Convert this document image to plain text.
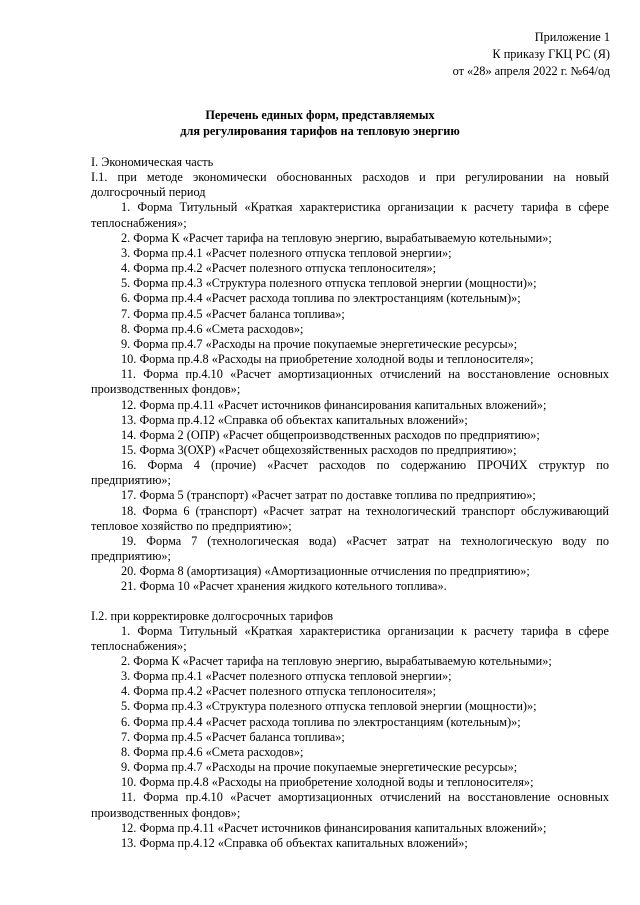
Приложение 1
К приказу ГКЦ РС (Я)
от «28» апреля 2022 г. №64/од
Перечень единых форм, представляемых
для регулирования тарифов на тепловую энергию

I. Экономическая часть

I.1. при методе экономически обоснованных расходов и при регулировании на новый долгосрочный период

1. Форма Титульный «Краткая характеристика организации к расчету тарифа в сфере теплоснабжения»;

2. Форма К «Расчет тарифа на тепловую энергию, вырабатываемую котельными»;

3. Форма пр.4.1 «Расчет полезного отпуска тепловой энергии»;

4. Форма пр.4.2 «Расчет полезного отпуска теплоносителя»;

5. Форма пр.4.3 «Структура полезного отпуска тепловой энергии (мощности)»;

6. Форма пр.4.4 «Расчет расхода топлива по электростанциям (котельным)»;

7. Форма пр.4.5 «Расчет баланса топлива»;

8. Форма пр.4.6 «Смета расходов»;

9. Форма пр.4.7 «Расходы на прочие покупаемые энергетические ресурсы»;

10. Форма пр.4.8 «Расходы на приобретение холодной воды и теплоносителя»;

11. Форма пр.4.10 «Расчет амортизационных отчислений на восстановление основных производственных фондов»;

12. Форма пр.4.11 «Расчет источников финансирования капитальных вложений»;

13. Форма пр.4.12 «Справка об объектах капитальных вложений»;

14. Форма 2 (ОПР) «Расчет общепроизводственных расходов по предприятию»;

15. Форма 3(ОХР) «Расчет общехозяйственных расходов по предприятию»;

16. Форма 4 (прочие) «Расчет расходов по содержанию ПРОЧИХ структур по предприятию»;

17. Форма 5 (транспорт) «Расчет затрат по доставке топлива по предприятию»;

18. Форма 6 (транспорт) «Расчет затрат на технологический транспорт обслуживающий тепловое хозяйство по предприятию»;

19. Форма 7 (технологическая вода) «Расчет затрат на технологическую воду по предприятию»;

20. Форма 8 (амортизация) «Амортизационные отчисления по предприятию»;

21. Форма 10 «Расчет хранения жидкого котельного топлива».

I.2. при корректировке долгосрочных тарифов

1. Форма Титульный «Краткая характеристика организации к расчету тарифа в сфере теплоснабжения»;

2. Форма К «Расчет тарифа на тепловую энергию, вырабатываемую котельными»;

3. Форма пр.4.1 «Расчет полезного отпуска тепловой энергии»;

4. Форма пр.4.2 «Расчет полезного отпуска теплоносителя»;

5. Форма пр.4.3 «Структура полезного отпуска тепловой энергии (мощности)»;

6. Форма пр.4.4 «Расчет расхода топлива по электростанциям (котельным)»;

7. Форма пр.4.5 «Расчет баланса топлива»;

8. Форма пр.4.6 «Смета расходов»;

9. Форма пр.4.7 «Расходы на прочие покупаемые энергетические ресурсы»;

10. Форма пр.4.8 «Расходы на приобретение холодной воды и теплоносителя»;

11. Форма пр.4.10 «Расчет амортизационных отчислений на восстановление основных производственных фондов»;

12. Форма пр.4.11 «Расчет источников финансирования капитальных вложений»;

13. Форма пр.4.12 «Справка об объектах капитальных вложений»;
